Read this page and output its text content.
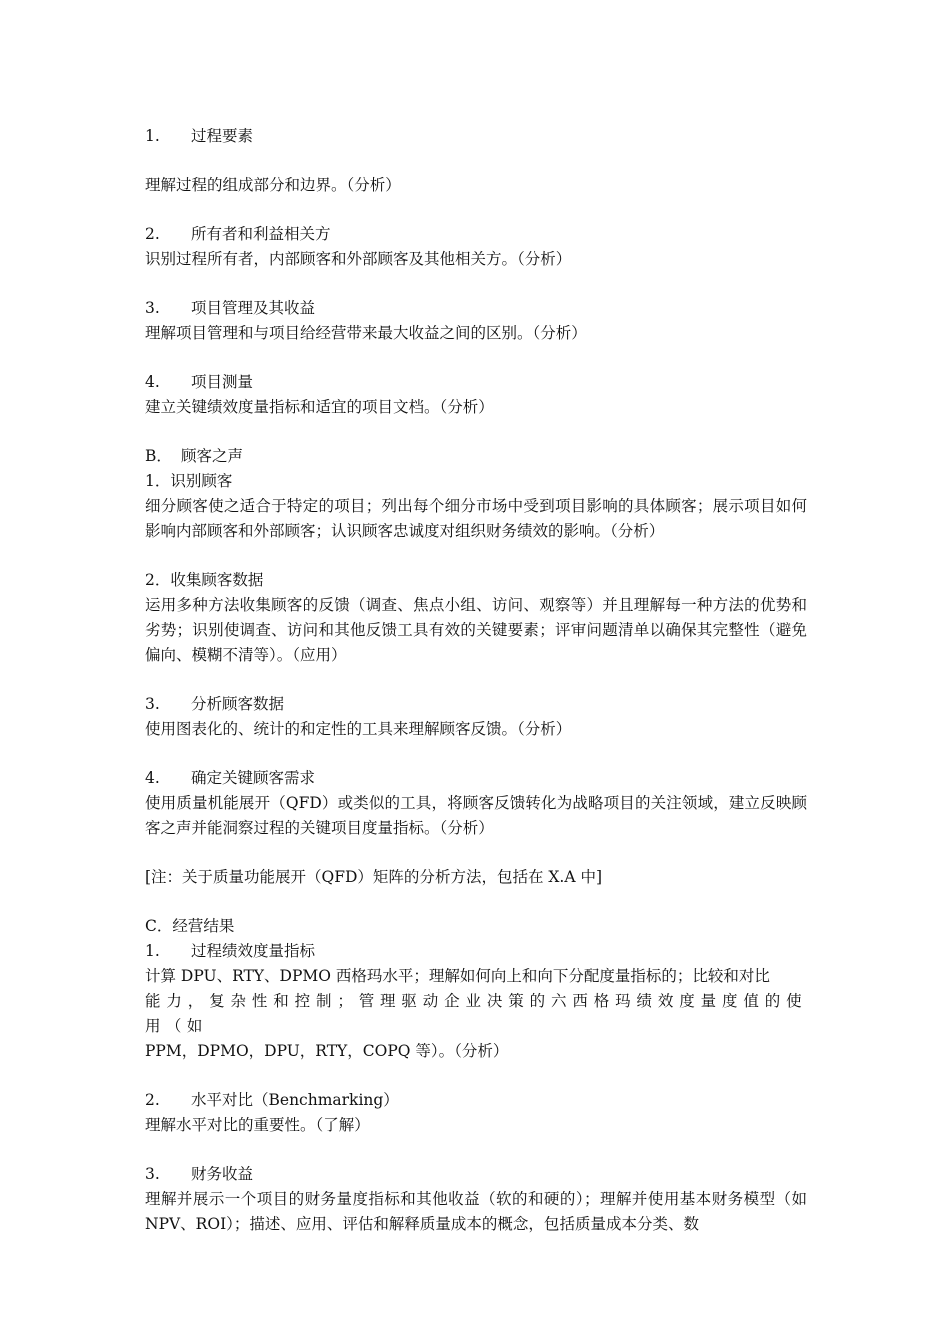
1.	过程要素
理解过程的组成部分和边界。（分析）
2.	所有者和利益相关方
识别过程所有者，内部顾客和外部顾客及其他相关方。（分析）
3.	项目管理及其收益
理解项目管理和与项目给经营带来最大收益之间的区别。（分析）
4.	项目测量
建立关键绩效度量指标和适宜的项目文档。（分析）
B． 顾客之声
1．识别顾客
细分顾客使之适合于特定的项目；列出每个细分市场中受到项目影响的具体顾客；展示项目如何影响内部顾客和外部顾客；认识顾客忠诚度对组织财务绩效的影响。（分析）
2．收集顾客数据
运用多种方法收集顾客的反馈（调查、焦点小组、访问、观察等）并且理解每一种方法的优势和劣势；识别使调查、访问和其他反馈工具有效的关键要素；评审问题清单以确保其完整性（避免偏向、模糊不清等）。（应用）
3.	分析顾客数据
使用图表化的、统计的和定性的工具来理解顾客反馈。（分析）
4.	确定关键顾客需求
使用质量机能展开（QFD）或类似的工具，将顾客反馈转化为战略项目的关注领域，建立反映顾客之声并能洞察过程的关键项目度量指标。（分析）
[注：关于质量功能展开（QFD）矩阵的分析方法，包括在 X.A 中]
C．经营结果
1.	过程绩效度量指标
计算 DPU、RTY、DPMO 西格玛水平；理解如何向上和向下分配度量指标的；比较和对比
能力，复杂性和控制；管理驱动企业决策的六西格玛绩效度量度值的使用（如
PPM，DPMO，DPU，RTY，COPQ 等）。（分析）
2.	水平对比（Benchmarking）
理解水平对比的重要性。（了解）
3.	财务收益
理解并展示一个项目的财务量度指标和其他收益（软的和硬的）；理解并使用基本财务模型（如 NPV、ROI）；描述、应用、评估和解释质量成本的概念，包括质量成本分类、数
